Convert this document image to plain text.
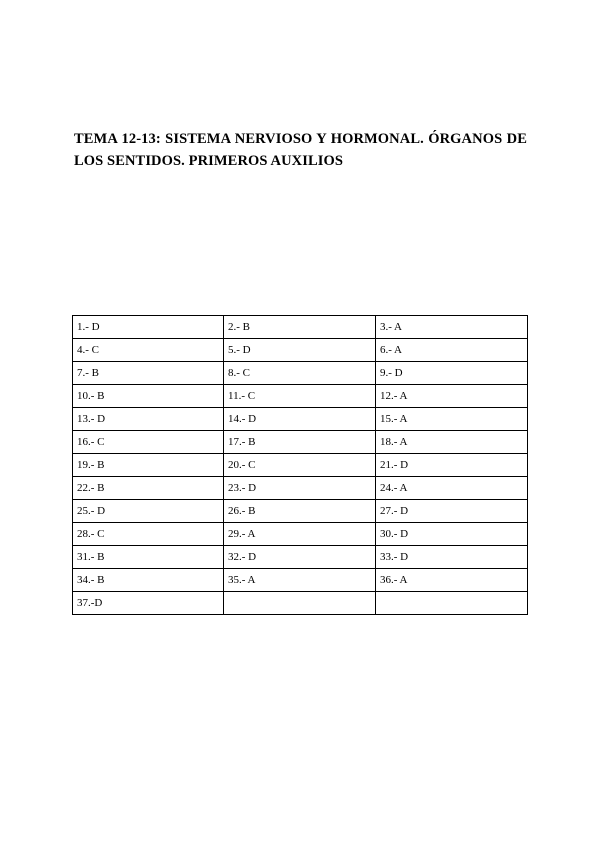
TEMA 12-13: SISTEMA NERVIOSO Y HORMONAL. ÓRGANOS DE LOS SENTIDOS. PRIMEROS AUXILIOS
1.- D	2.- B	3.- A
4.- C	5.- D	6.- A
7.- B	8.- C	9.- D
10.- B	11.- C	12.- A
13.- D	14.- D	15.- A
16.- C	17.- B	18.- A
19.- B	20.- C	21.- D
22.- B	23.- D	24.- A
25.- D	26.- B	27.- D
28.- C	29.- A	30.- D
31.- B	32.- D	33.- D
34.- B	35.- A	36.- A
37.-D		
